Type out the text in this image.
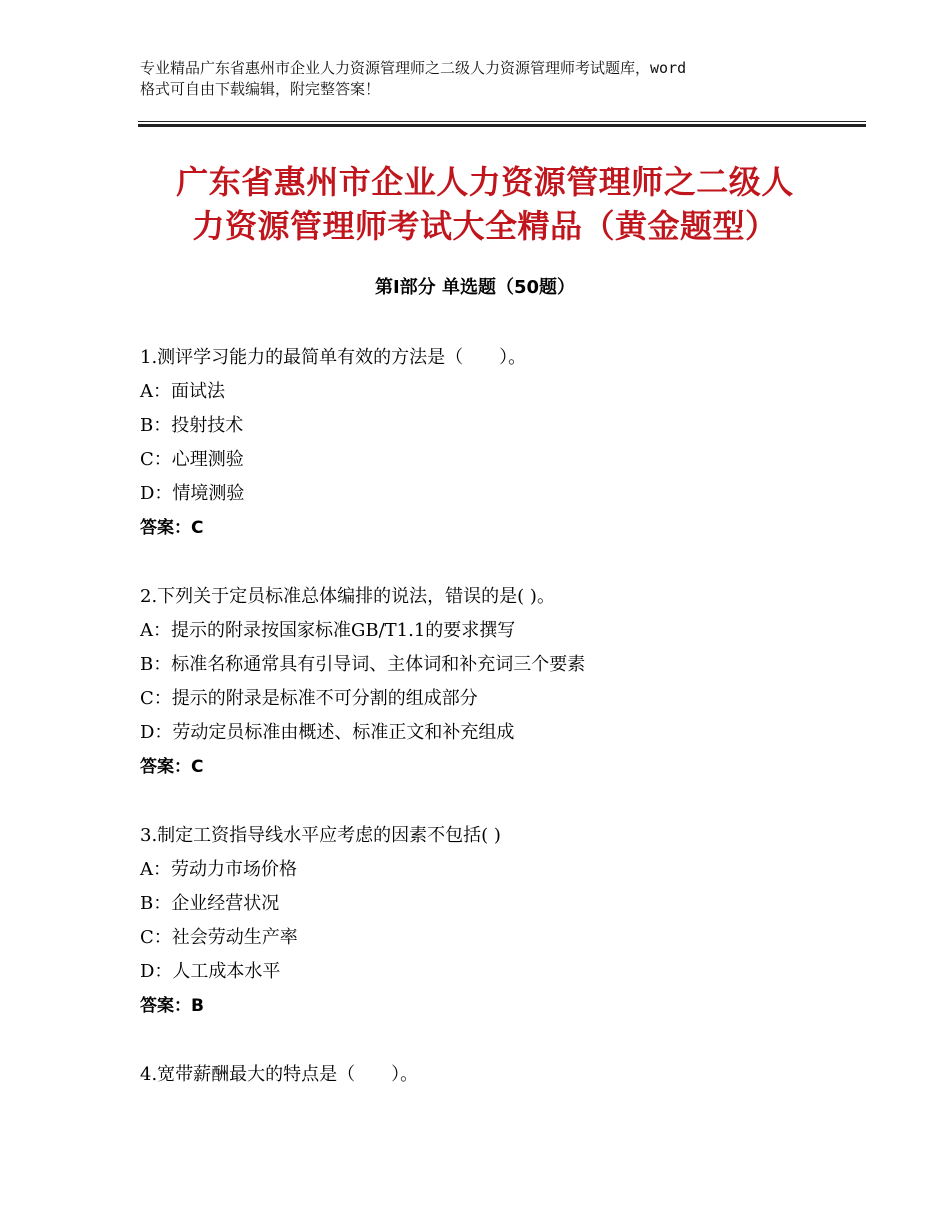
专业精品广东省惠州市企业人力资源管理师之二级人力资源管理师考试题库，word
格式可自由下载编辑，附完整答案！
广东省惠州市企业人力资源管理师之二级人
力资源管理师考试大全精品（黄金题型）
第Ⅰ部分 单选题（50题）
1.测评学习能力的最简单有效的方法是（　　）。
A：面试法
B：投射技术
C：心理测验
D：情境测验
答案：C
2.下列关于定员标准总体编排的说法，错误的是( )。
A：提示的附录按国家标准GB/T1.1的要求撰写
B：标准名称通常具有引导词、主体词和补充词三个要素
C：提示的附录是标准不可分割的组成部分
D：劳动定员标准由概述、标准正文和补充组成
答案：C
3.制定工资指导线水平应考虑的因素不包括( )
A：劳动力市场价格
B：企业经营状况
C：社会劳动生产率
D：人工成本水平
答案：B
4.宽带薪酬最大的特点是（　　）。
